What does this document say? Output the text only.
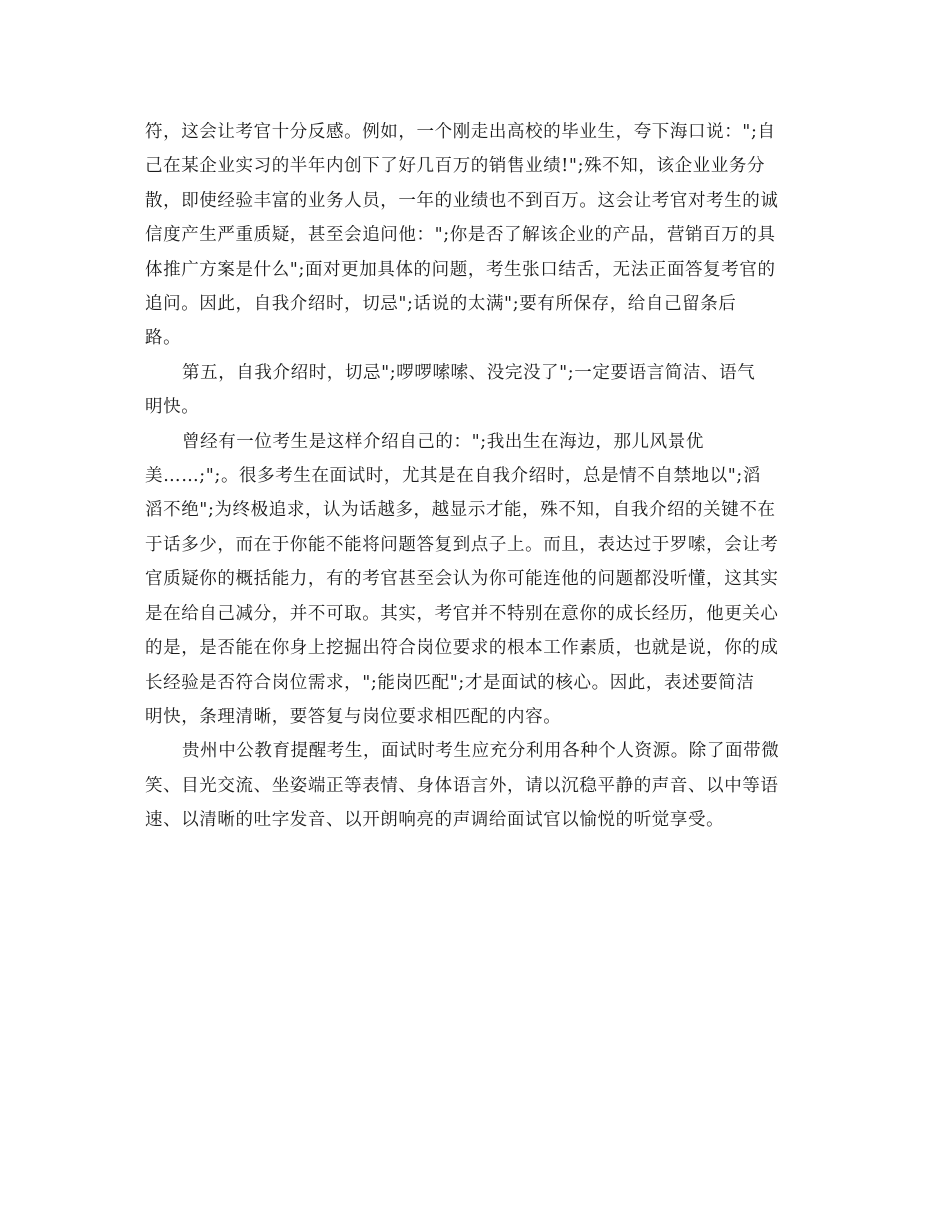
符，这会让考官十分反感。例如，一个刚走出高校的毕业生，夸下海口说：";自
己在某企业实习的半年内创下了好几百万的销售业绩!";殊不知，该企业业务分
散，即使经验丰富的业务人员，一年的业绩也不到百万。这会让考官对考生的诚
信度产生严重质疑，甚至会追问他：";你是否了解该企业的产品，营销百万的具
体推广方案是什么";面对更加具体的问题，考生张口结舌，无法正面答复考官的
追问。因此，自我介绍时，切忌";话说的太满";要有所保存，给自己留条后
路。

第五，自我介绍时，切忌";啰啰嗦嗦、没完没了";一定要语言简洁、语气
明快。

曾经有一位考生是这样介绍自己的：";我出生在海边，那儿风景优
美……;";。很多考生在面试时，尤其是在自我介绍时，总是情不自禁地以";滔
滔不绝";为终极追求，认为话越多，越显示才能，殊不知，自我介绍的关键不在
于话多少，而在于你能不能将问题答复到点子上。而且，表达过于罗嗦，会让考
官质疑你的概括能力，有的考官甚至会认为你可能连他的问题都没听懂，这其实
是在给自己减分，并不可取。其实，考官并不特别在意你的成长经历，他更关心
的是，是否能在你身上挖掘出符合岗位要求的根本工作素质，也就是说，你的成
长经验是否符合岗位需求，";能岗匹配";才是面试的核心。因此，表述要简洁
明快，条理清晰，要答复与岗位要求相匹配的内容。

贵州中公教育提醒考生，面试时考生应充分利用各种个人资源。除了面带微
笑、目光交流、坐姿端正等表情、身体语言外，请以沉稳平静的声音、以中等语
速、以清晰的吐字发音、以开朗响亮的声调给面试官以愉悦的听觉享受。
